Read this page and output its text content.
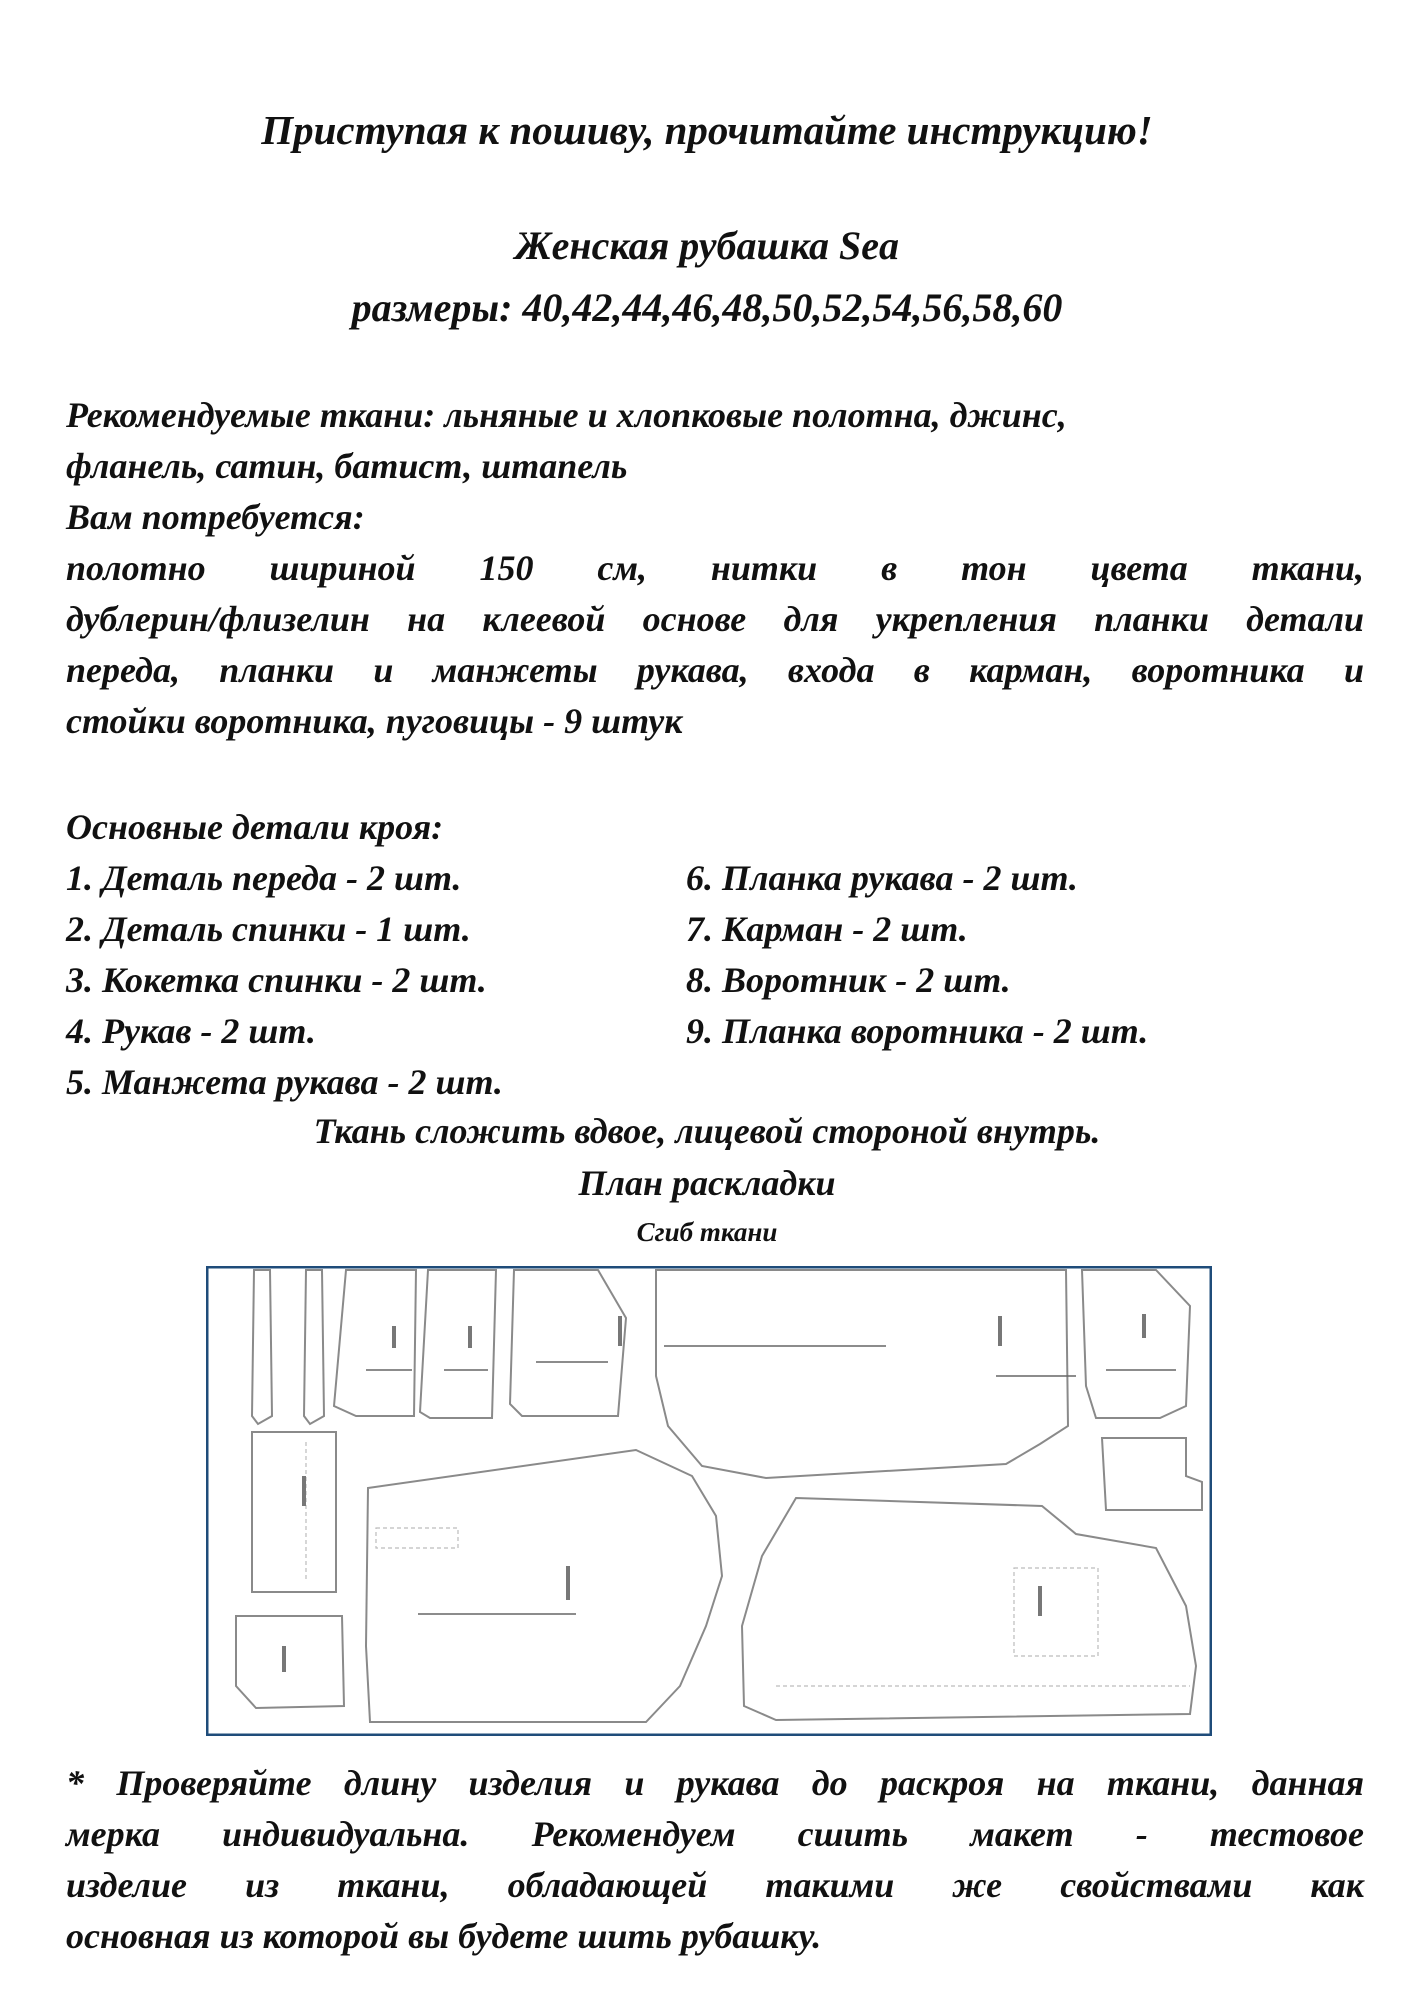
Приступая к пошиву, прочитайте инструкцию!
Женская рубашка Sea
размеры: 40,42,44,46,48,50,52,54,56,58,60
Рекомендуемые ткани: льняные и хлопковые полотна, джинс,
фланель, сатин, батист, штапель
Вам потребуется:
полотно шириной 150 см, нитки в тон цвета ткани,
дублерин/флизелин на клеевой основе для укрепления планки детали
переда, планки и манжеты рукава, входа в карман, воротника и
стойки воротника, пуговицы - 9 штук
Основные детали кроя:
1. Деталь переда - 2 шт.
2. Деталь спинки - 1 шт.
3. Кокетка спинки - 2 шт.
4. Рукав - 2 шт.
5. Манжета рукава - 2 шт.
6. Планка рукава - 2 шт.
7. Карман - 2 шт.
8. Воротник - 2 шт.
9. Планка воротника - 2 шт.
Ткань сложить вдвое, лицевой стороной внутрь.
План раскладки
Сгиб ткани
* Проверяйте длину изделия и рукава до раскроя на ткани, данная
мерка индивидуальна. Рекомендуем сшить макет - тестовое
изделие из ткани, обладающей такими же свойствами как
основная из которой вы будете шить рубашку.
